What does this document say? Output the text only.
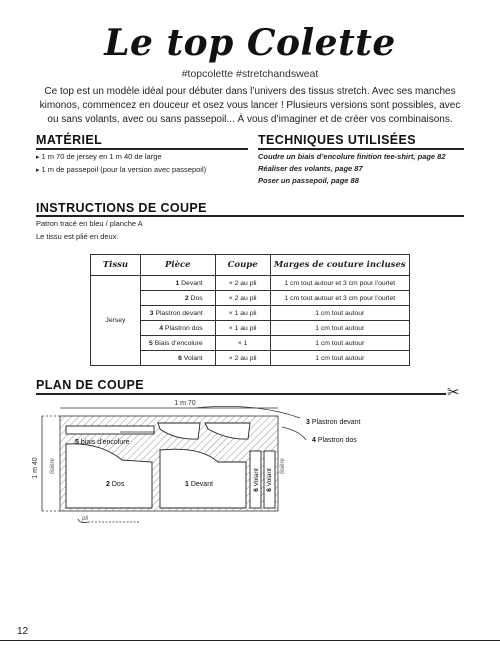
Le top Colette
#topcolette #stretchandsweat

Ce top est un modèle idéal pour débuter dans l’univers des tissus stretch. Avec ses manches kimonos, commencez en douceur et osez vous lancer ! Plusieurs versions sont possibles, avec ou sans volants, avec ou sans passepoil... À vous d’imaginer et de créer vos combinaisons.

MATÉRIEL
▸ 1 m 70 de jersey en 1 m 40 de large
▸ 1 m de passepoil (pour la version avec passepoil)
TECHNIQUES UTILISÉES
Coudre un biais d’encolure finition tee-shirt, page 82
Réaliser des volants, page 87
Poser un passepoil, page 88
INSTRUCTIONS DE COUPE
Patron tracé en bleu / planche A
Le tissu est plié en deux.
Tissu	Pièce	Coupe	Marges de couture incluses
Jersey	1 Devant	× 2 au pli	1 cm tout autour et 3 cm pour l’ourlet
	2 Dos	× 2 au pli	1 cm tout autour et 3 cm pour l’ourlet
	3 Plastron devant	× 1 au pli	1 cm tout autour
	4 Plastron dos	× 1 au pli	1 cm tout autour
	5 Biais d’encolure	× 1	1 cm tout autour
	6 Volant	× 2 au pli	1 cm tout autour
PLAN DE COUPE	✂
1 m 70
1 m 40 lisière	lisière
pli
5 biais d’encolure
2 Dos	1 Devant
6 Volant
6 Volant
3 Plastron devant
4 Plastron dos
12
